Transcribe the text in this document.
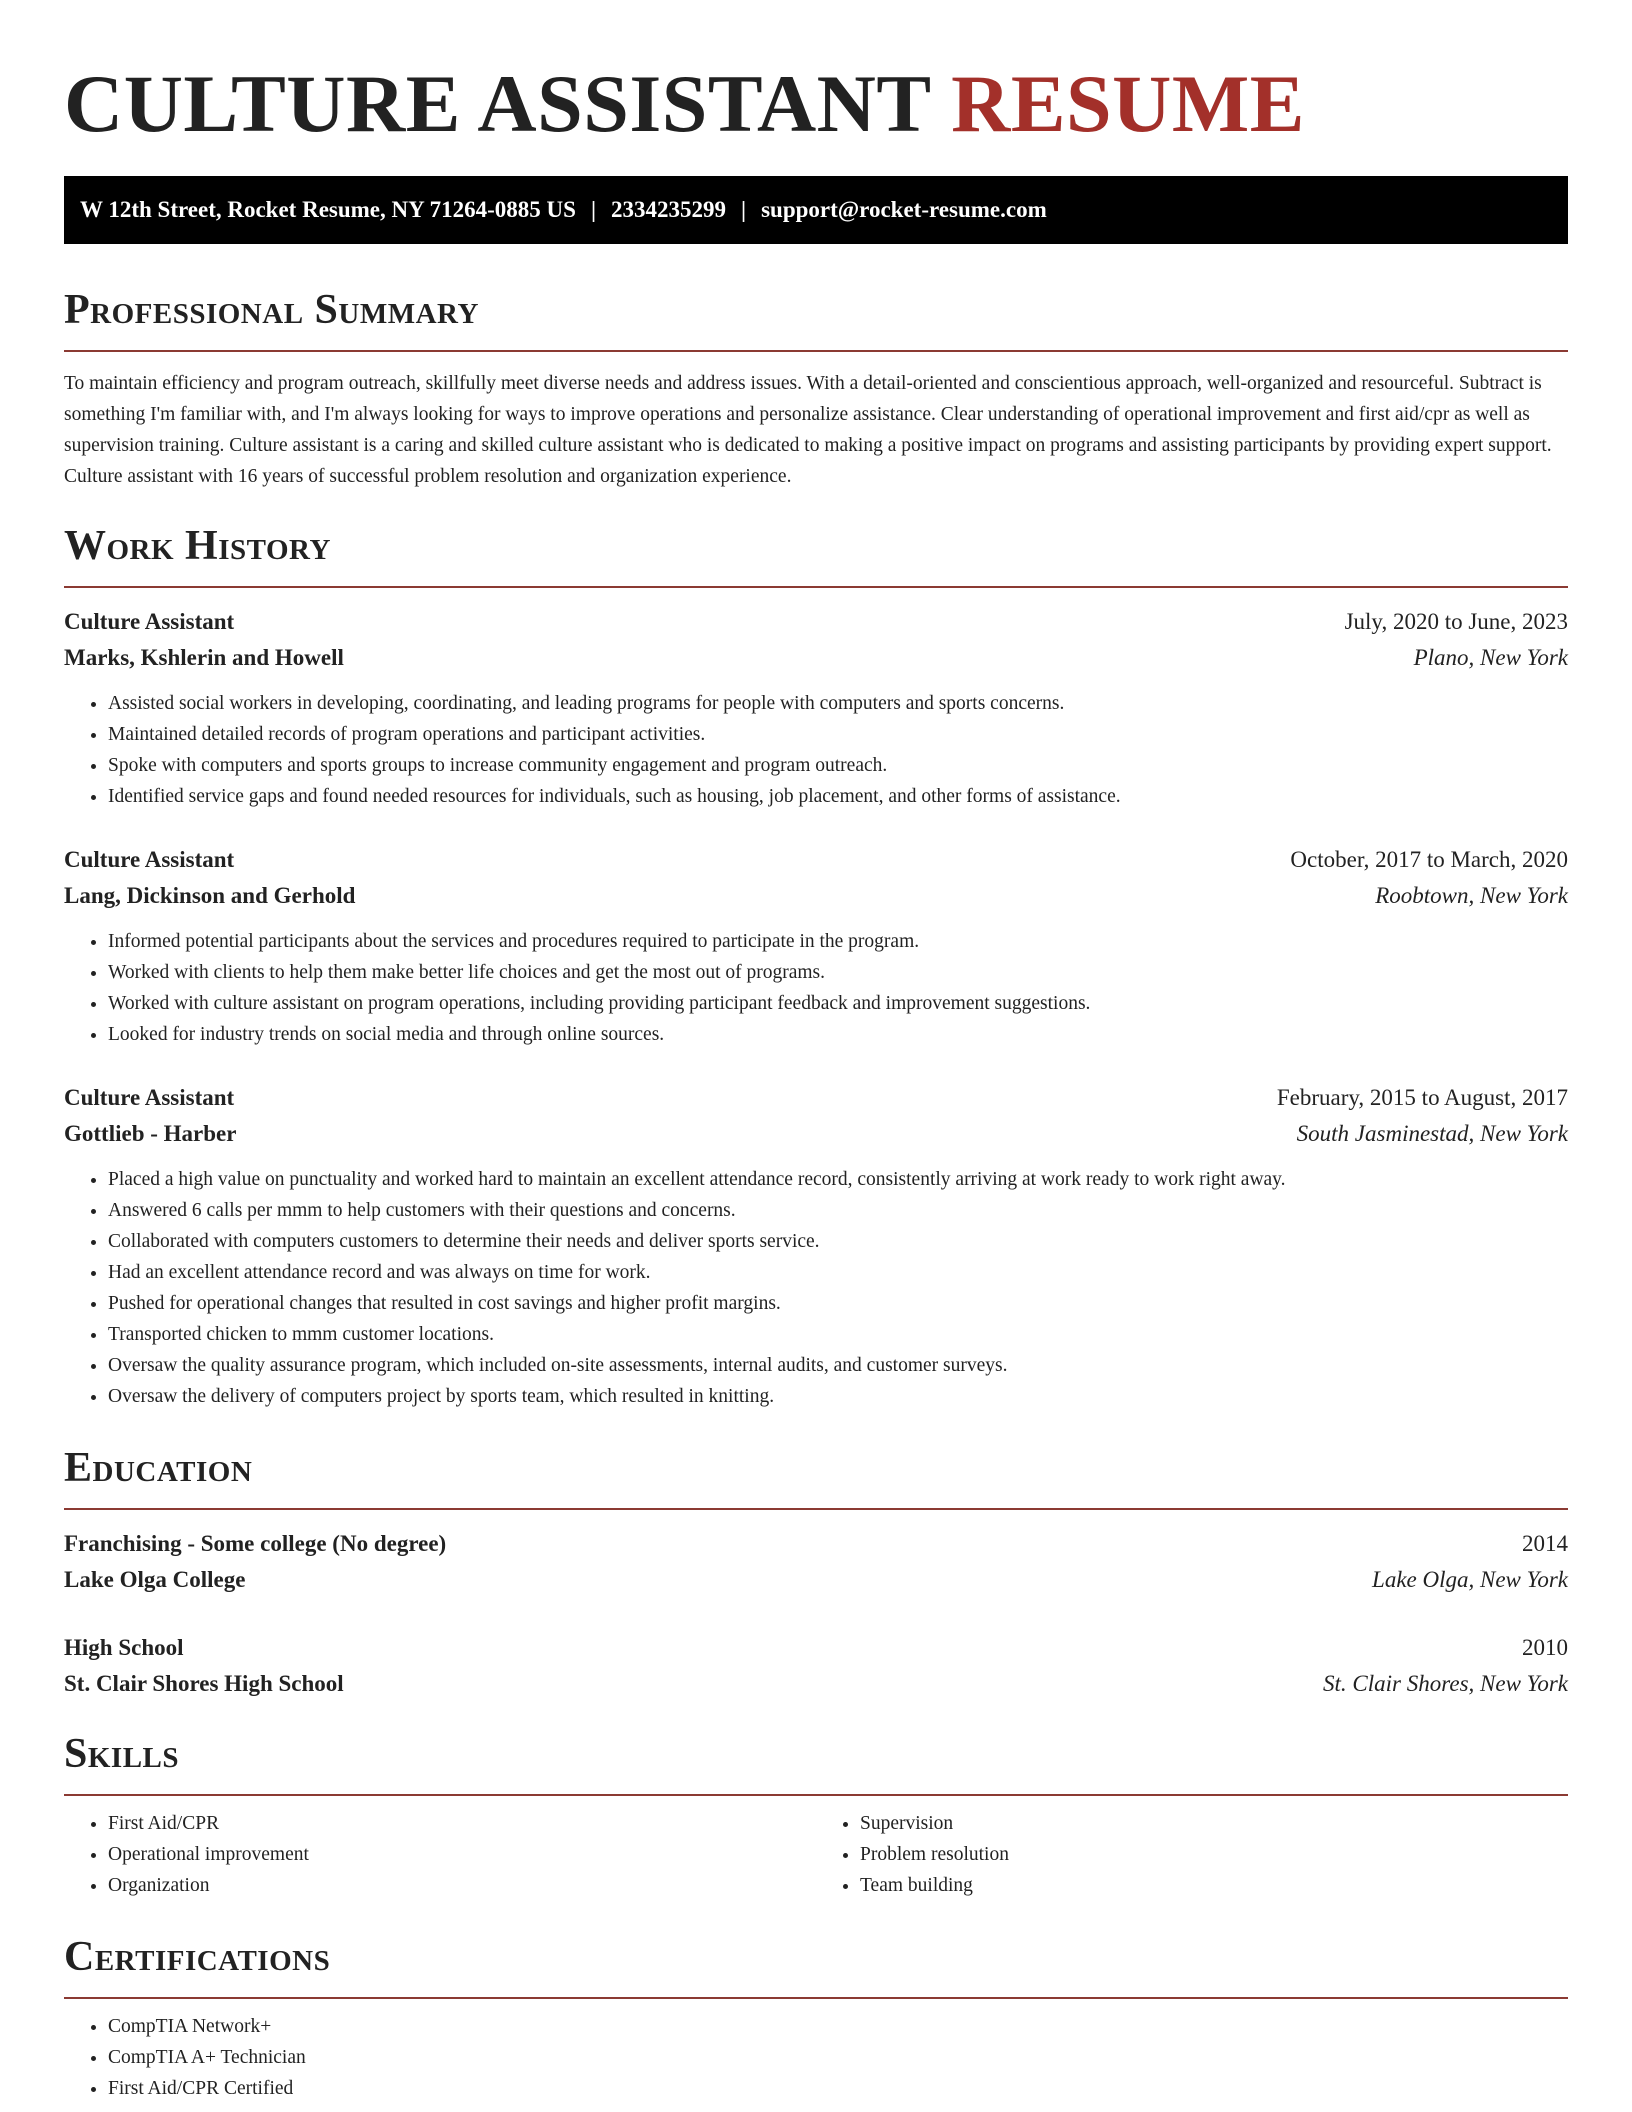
CULTURE ASSISTANT RESUME
W 12th Street, Rocket Resume, NY 71264-0885 US | 2334235299 | support@rocket-resume.com
Professional Summary

To maintain efficiency and program outreach, skillfully meet diverse needs and address issues. With a detail-oriented and conscientious approach, well-organized and resourceful. Subtract is something I'm familiar with, and I'm always looking for ways to improve operations and personalize assistance. Clear understanding of operational improvement and first aid/cpr as well as supervision training. Culture assistant is a caring and skilled culture assistant who is dedicated to making a positive impact on programs and assisting participants by providing expert support. Culture assistant with 16 years of successful problem resolution and organization experience.

Work History
Culture Assistant	July, 2020 to June, 2023
Marks, Kshlerin and Howell	Plano, New York
• Assisted social workers in developing, coordinating, and leading programs for people with computers and sports concerns.
• Maintained detailed records of program operations and participant activities.
• Spoke with computers and sports groups to increase community engagement and program outreach.
• Identified service gaps and found needed resources for individuals, such as housing, job placement, and other forms of assistance.
Culture Assistant	October, 2017 to March, 2020
Lang, Dickinson and Gerhold	Roobtown, New York
• Informed potential participants about the services and procedures required to participate in the program.
• Worked with clients to help them make better life choices and get the most out of programs.
• Worked with culture assistant on program operations, including providing participant feedback and improvement suggestions.
• Looked for industry trends on social media and through online sources.
Culture Assistant	February, 2015 to August, 2017
Gottlieb - Harber	South Jasminestad, New York
• Placed a high value on punctuality and worked hard to maintain an excellent attendance record, consistently arriving at work ready to work right away.
• Answered 6 calls per mmm to help customers with their questions and concerns.
• Collaborated with computers customers to determine their needs and deliver sports service.
• Had an excellent attendance record and was always on time for work.
• Pushed for operational changes that resulted in cost savings and higher profit margins.
• Transported chicken to mmm customer locations.
• Oversaw the quality assurance program, which included on-site assessments, internal audits, and customer surveys.
• Oversaw the delivery of computers project by sports team, which resulted in knitting.
Education
Franchising - Some college (No degree)	2014
Lake Olga College	Lake Olga, New York
High School	2010
St. Clair Shores High School	St. Clair Shores, New York
Skills
• First Aid/CPR
• Operational improvement
• Organization
• Supervision
• Problem resolution
• Team building
Certifications
• CompTIA Network+
• CompTIA A+ Technician
• First Aid/CPR Certified
